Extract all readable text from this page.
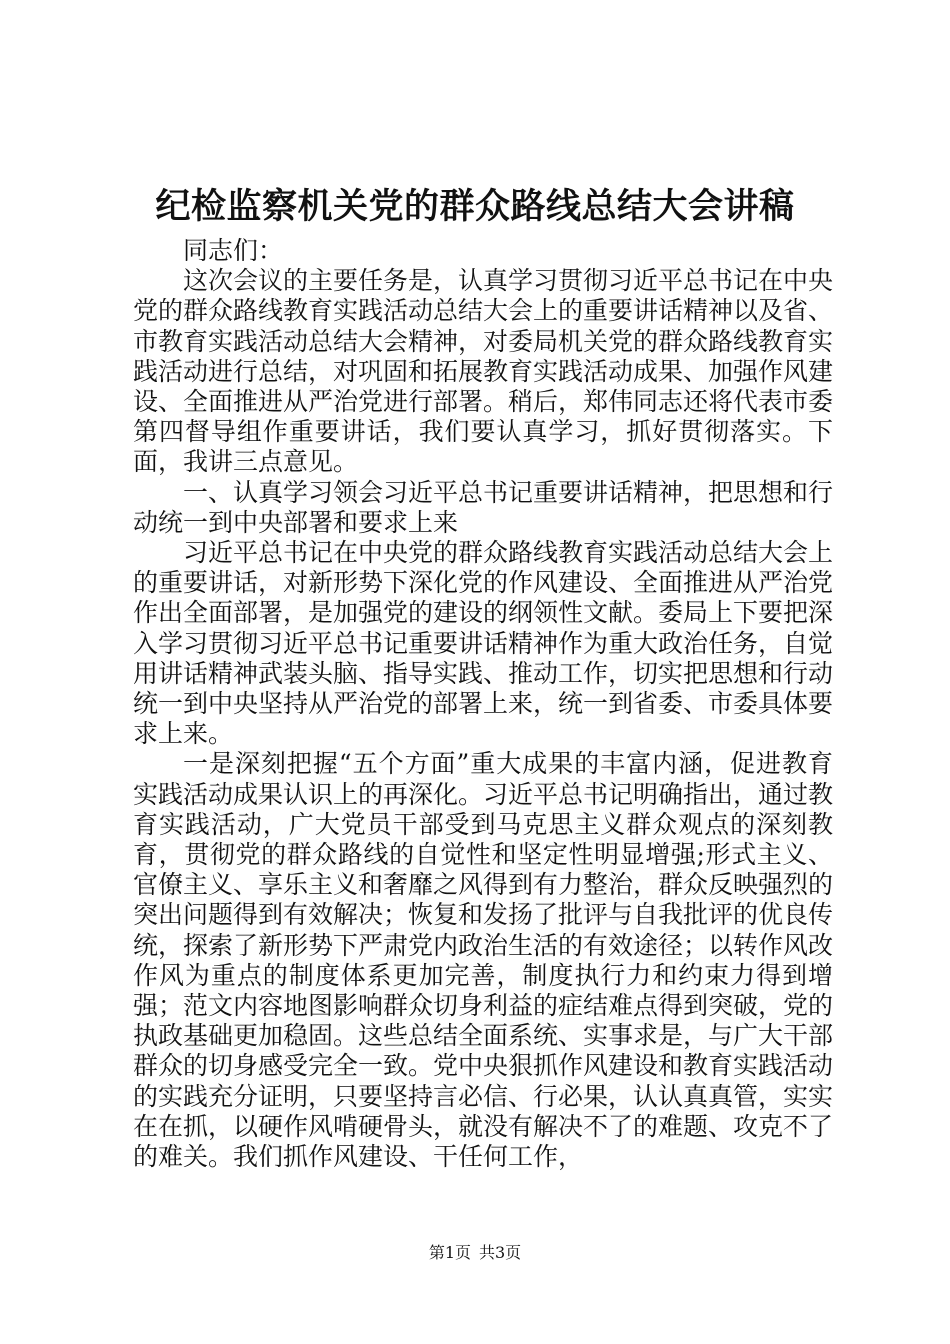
纪检监察机关党的群众路线总结大会讲稿

同志们：

这次会议的主要任务是，认真学习贯彻习近平总书记在中央党的群众路线教育实践活动总结大会上的重要讲话精神以及省、市教育实践活动总结大会精神，对委局机关党的群众路线教育实践活动进行总结，对巩固和拓展教育实践活动成果、加强作风建设、全面推进从严治党进行部署。稍后，郑伟同志还将代表市委第四督导组作重要讲话，我们要认真学习，抓好贯彻落实。下面，我讲三点意见。

一、认真学习领会习近平总书记重要讲话精神，把思想和行动统一到中央部署和要求上来

习近平总书记在中央党的群众路线教育实践活动总结大会上的重要讲话，对新形势下深化党的作风建设、全面推进从严治党作出全面部署，是加强党的建设的纲领性文献。委局上下要把深入学习贯彻习近平总书记重要讲话精神作为重大政治任务，自觉用讲话精神武装头脑、指导实践、推动工作，切实把思想和行动统一到中央坚持从严治党的部署上来，统一到省委、市委具体要求上来。

一是深刻把握“五个方面”重大成果的丰富内涵，促进教育实践活动成果认识上的再深化。习近平总书记明确指出，通过教育实践活动，广大党员干部受到马克思主义群众观点的深刻教育，贯彻党的群众路线的自觉性和坚定性明显增强;形式主义、官僚主义、享乐主义和奢靡之风得到有力整治，群众反映强烈的突出问题得到有效解决；恢复和发扬了批评与自我批评的优良传统，探索了新形势下严肃党内政治生活的有效途径；以转作风改作风为重点的制度体系更加完善，制度执行力和约束力得到增强；范文内容地图影响群众切身利益的症结难点得到突破，党的执政基础更加稳固。这些总结全面系统、实事求是，与广大干部群众的切身感受完全一致。党中央狠抓作风建设和教育实践活动的实践充分证明，只要坚持言必信、行必果，认认真真管，实实在在抓，以硬作风啃硬骨头，就没有解决不了的难题、攻克不了的难关。我们抓作风建设、干任何工作，

第1页 共3页
